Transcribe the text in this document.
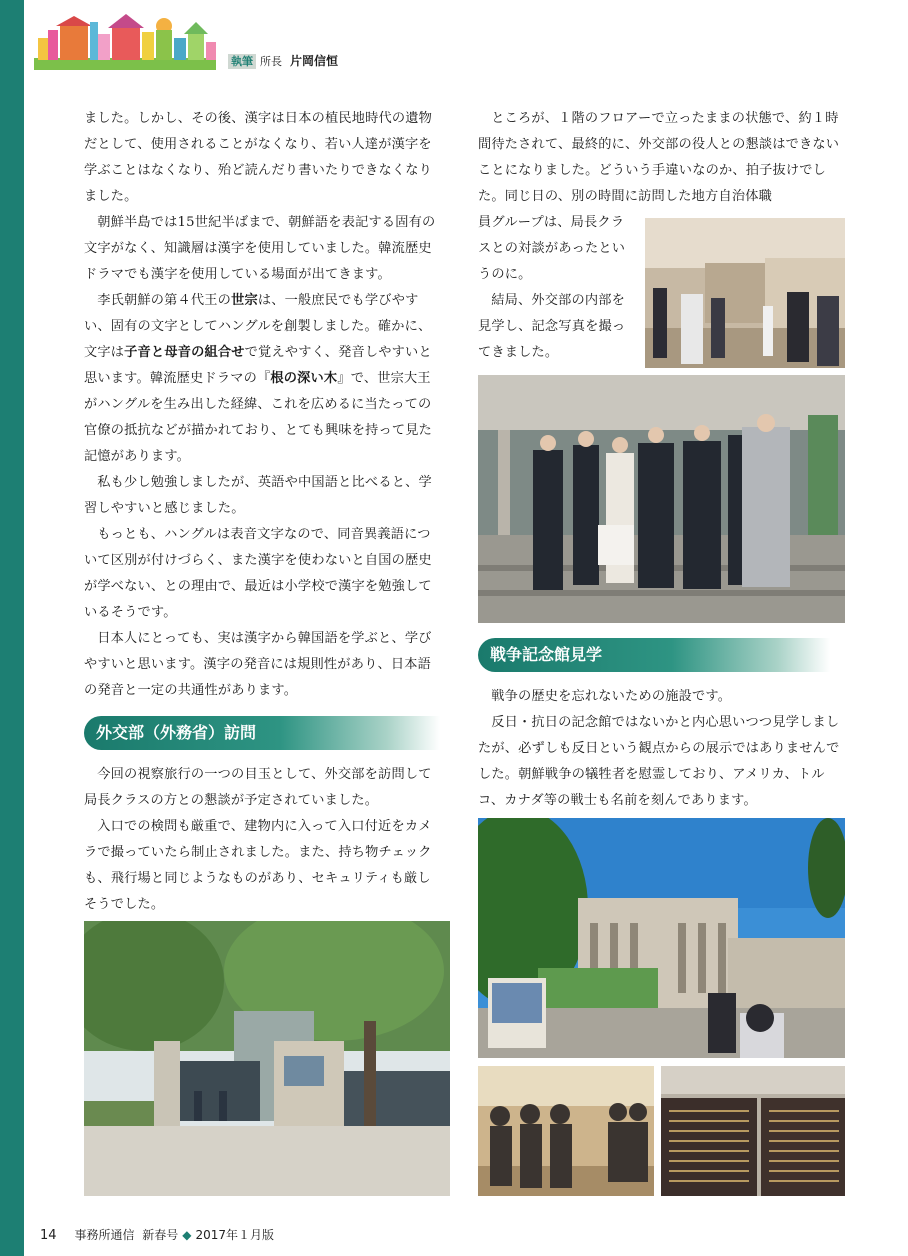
執筆 所長 片岡信恒

ました。しかし、その後、漢字は日本の植民地時代の遺物だとして、使用されることがなくなり、若い人達が漢字を学ぶことはなくなり、殆ど読んだり書いたりできなくなりました。

朝鮮半島では15世紀半ばまで、朝鮮語を表記する固有の文字がなく、知識層は漢字を使用していました。韓流歴史ドラマでも漢字を使用している場面が出てきます。

李氏朝鮮の第４代王の世宗は、一般庶民でも学びやすい、固有の文字としてハングルを創製しました。確かに、文字は子音と母音の組合せで覚えやすく、発音しやすいと思います。韓流歴史ドラマの『根の深い木』で、世宗大王がハングルを生み出した経緯、これを広めるに当たっての官僚の抵抗などが描かれており、とても興味を持って見た記憶があります。

私も少し勉強しましたが、英語や中国語と比べると、学習しやすいと感じました。

もっとも、ハングルは表音文字なので、同音異義語について区別が付けづらく、また漢字を使わないと自国の歴史が学べない、との理由で、最近は小学校で漢字を勉強しているそうです。

日本人にとっても、実は漢字から韓国語を学ぶと、学びやすいと思います。漢字の発音には規則性があり、日本語の発音と一定の共通性があります。

外交部（外務省）訪問

今回の視察旅行の一つの目玉として、外交部を訪問して局長クラスの方との懇談が予定されていました。

入口での検問も厳重で、建物内に入って入口付近をカメラで撮っていたら制止されました。また、持ち物チェックも、飛行場と同じようなものがあり、セキュリティも厳しそうでした。

ところが、１階のフロアーで立ったままの状態で、約１時間待たされて、最終的に、外交部の役人との懇談はできないことになりました。どういう手違いなのか、拍子抜けでした。同じ日の、別の時間に訪問した地方自治体職

員グループは、局長クラスとの対談があったというのに。

結局、外交部の内部を見学し、記念写真を撮ってきました。

戦争記念館見学

戦争の歴史を忘れないための施設です。

反日・抗日の記念館ではないかと内心思いつつ見学しましたが、必ずしも反日という観点からの展示ではありませんでした。朝鮮戦争の犠牲者を慰霊しており、アメリカ、トルコ、カナダ等の戦士も名前を刻んであります。

14 事務所通信 新春号 ◆ 2017年１月版
